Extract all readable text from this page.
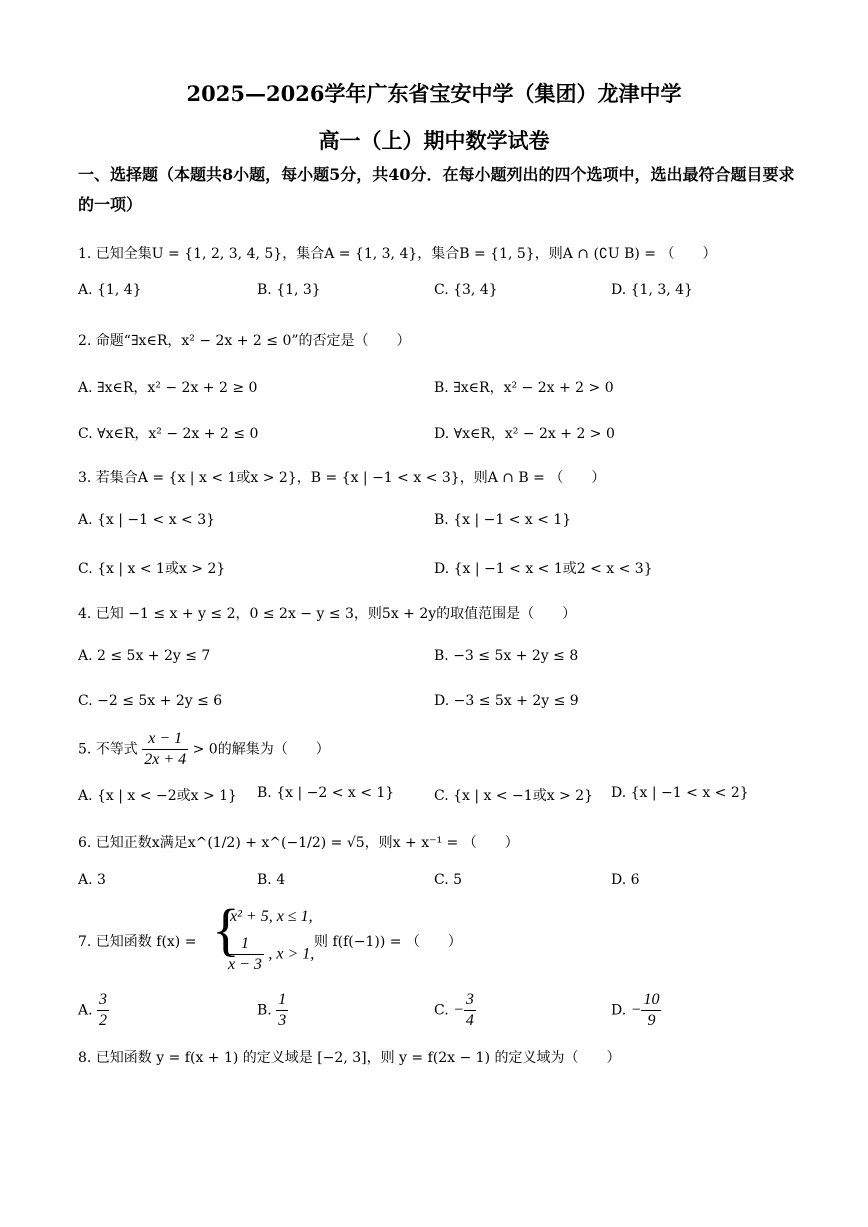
2025—2026学年广东省宝安中学（集团）龙津中学
高一（上）期中数学试卷
一、选择题（本题共8小题，每小题5分，共40分．在每小题列出的四个选项中，选出最符合题目要求的一项）
1. 已知全集U = {1, 2, 3, 4, 5}，集合A = {1, 3, 4}，集合B = {1, 5}，则A ∩ (∁U B) = （　　）
A. {1, 4}	B. {1, 3}	C. {3, 4}	D. {1, 3, 4}
2. 命题“∃x∈R，x² − 2x + 2 ≤ 0”的否定是（　　）
A. ∃x∈R，x² − 2x + 2 ≥ 0	B. ∃x∈R，x² − 2x + 2 > 0
C. ∀x∈R，x² − 2x + 2 ≤ 0	D. ∀x∈R，x² − 2x + 2 > 0
3. 若集合A = {x | x < 1或x > 2}，B = {x | −1 < x < 3}，则A ∩ B = （　　）
A. {x | −1 < x < 3}	B. {x | −1 < x < 1}
C. {x | x < 1或x > 2}	D. {x | −1 < x < 1或2 < x < 3}
4. 已知 −1 ≤ x + y ≤ 2，0 ≤ 2x − y ≤ 3，则5x + 2y的取值范围是（　　）
A. 2 ≤ 5x + 2y ≤ 7	B. −3 ≤ 5x + 2y ≤ 8
C. −2 ≤ 5x + 2y ≤ 6	D. −3 ≤ 5x + 2y ≤ 9
5. 不等式 $\frac{x - 1}{2x + 4} > 0$的解集为（　　）
A. {x | x < −2或x > 1} B. {x | −2 < x < 1}	C. {x | x < −1或x > 2} D. {x | −1 < x < 2}
6. 已知正数x满足x^(1/2) + x^(−1/2) = √5，则x + x⁻¹ = （　　）
A. 3	B. 4	C. 5	D. 6
7. 已知函数 f(x) = {
x² + 5, x ≤ 1,
$\frac{1}{x - 3}$ , x > 1,
则 f(f(−1)) = （　　）
A. $\frac{3}{2}$	B. $\frac{1}{3}$	C. − $\frac{3}{4}$	D. − $\frac{10}{9}$
8. 已知函数 y = f(x + 1) 的定义域是 [−2, 3]，则 y = f(2x − 1) 的定义域为（　　）
